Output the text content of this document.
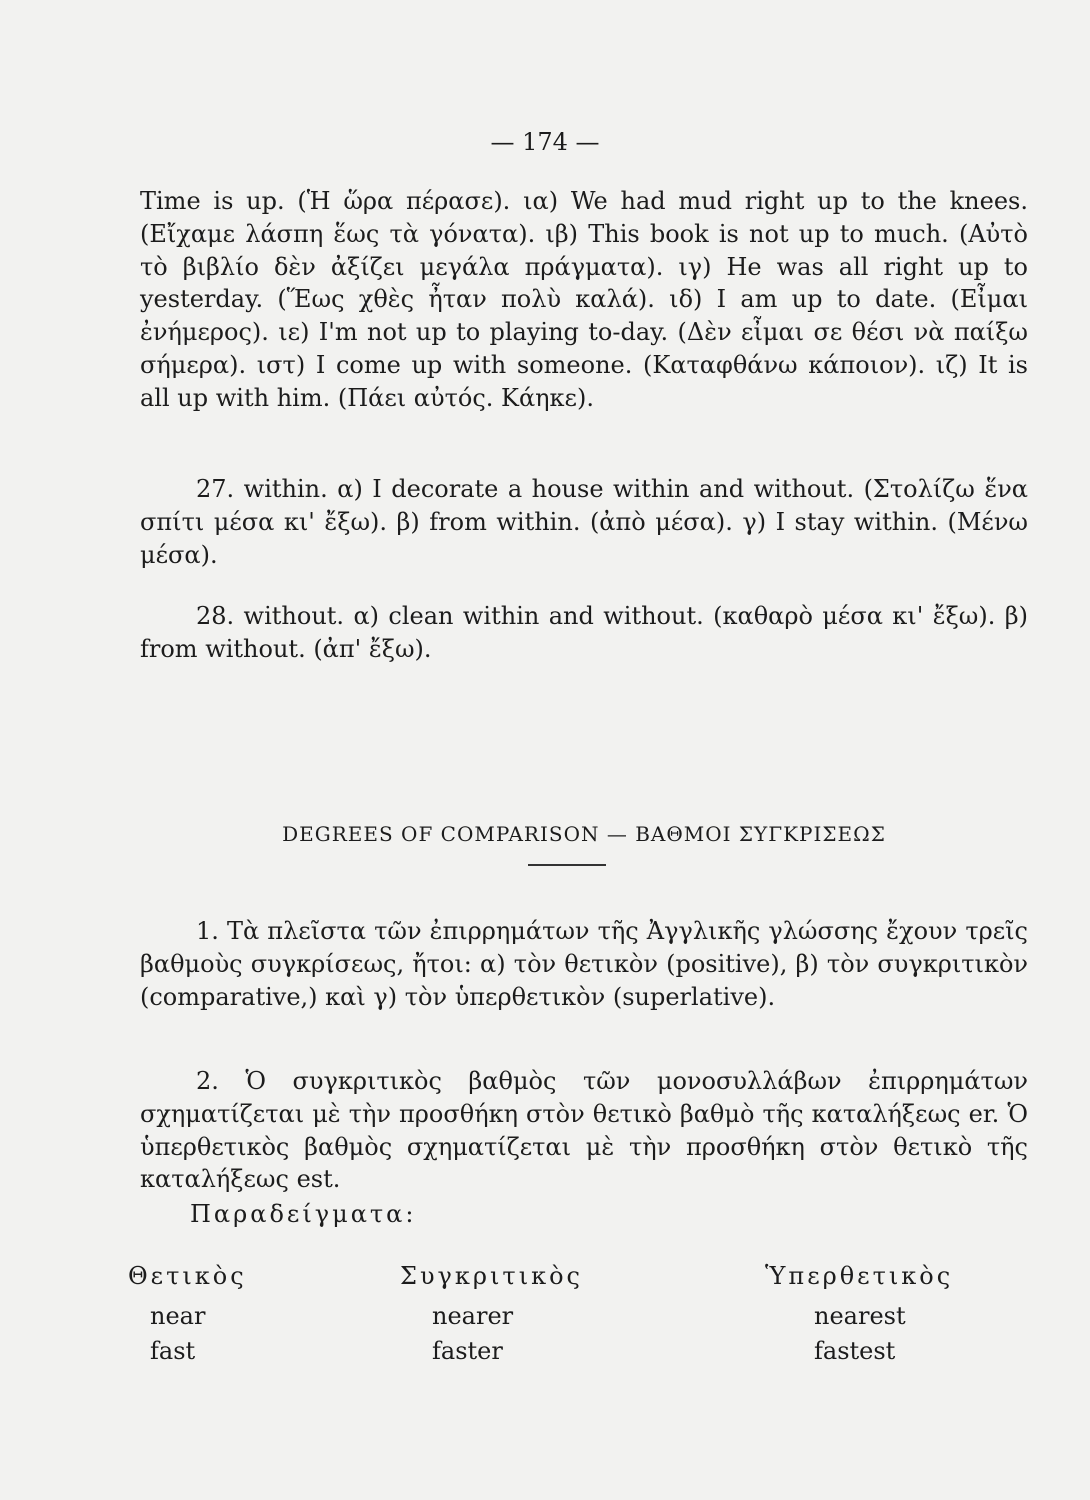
— 174 —

Time is up. (Ἡ ὥρα πέρασε). ια) We had mud right up to the knees. (Εἴχαμε λάσπη ἕως τὰ γόνατα). ιβ) This book is not up to much. (Αὐτὸ τὸ βιβλίο δὲν ἀξίζει μεγάλα πράγματα). ιγ) He was all right up to yesterday. (Ἕως χθὲς ἦταν πολὺ καλά). ιδ) I am up to date. (Εἶμαι ἐνήμερος). ιε) I'm not up to playing to-day. (Δὲν εἶμαι σε θέσι νὰ παίξω σήμερα). ιστ) I come up with someone. (Καταφθάνω κάποιον). ιζ) It is all up with him. (Πάει αὐτός. Κάηκε).

27. within. α) I decorate a house within and without. (Στολίζω ἕνα σπίτι μέσα κι' ἔξω). β) from within. (ἀπὸ μέσα). γ) I stay within. (Μένω μέσα).

28. without. α) clean within and without. (καθαρὸ μέσα κι' ἔξω). β) from without. (ἀπ' ἔξω).

DEGREES OF COMPARISON — ΒΑΘΜΟΙ ΣΥΓΚΡΙΣΕΩΣ

1. Τὰ πλεῖστα τῶν ἐπιρρημάτων τῆς Ἀγγλικῆς γλώσσης ἔχουν τρεῖς βαθμοὺς συγκρίσεως, ἤτοι: α) τὸν θετικὸν (positive), β) τὸν συγκριτικὸν (comparative,) καὶ γ) τὸν ὑπερθετικὸν (superlative).

2. Ὁ συγκριτικὸς βαθμὸς τῶν μονοσυλλάβων ἐπιρρημάτων σχηματίζεται μὲ τὴν προσθήκη στὸν θετικὸ βαθμὸ τῆς καταλήξεως er. Ὁ ὑπερθετικὸς βαθμὸς σχηματίζεται μὲ τὴν προσθήκη στὸν θετικὸ τῆς καταλήξεως est.

Παραδείγματα:
Θετικὸς	Συγκριτικὸς	Ὑπερθετικὸς
near	nearer	nearest
fast	faster	fastest
